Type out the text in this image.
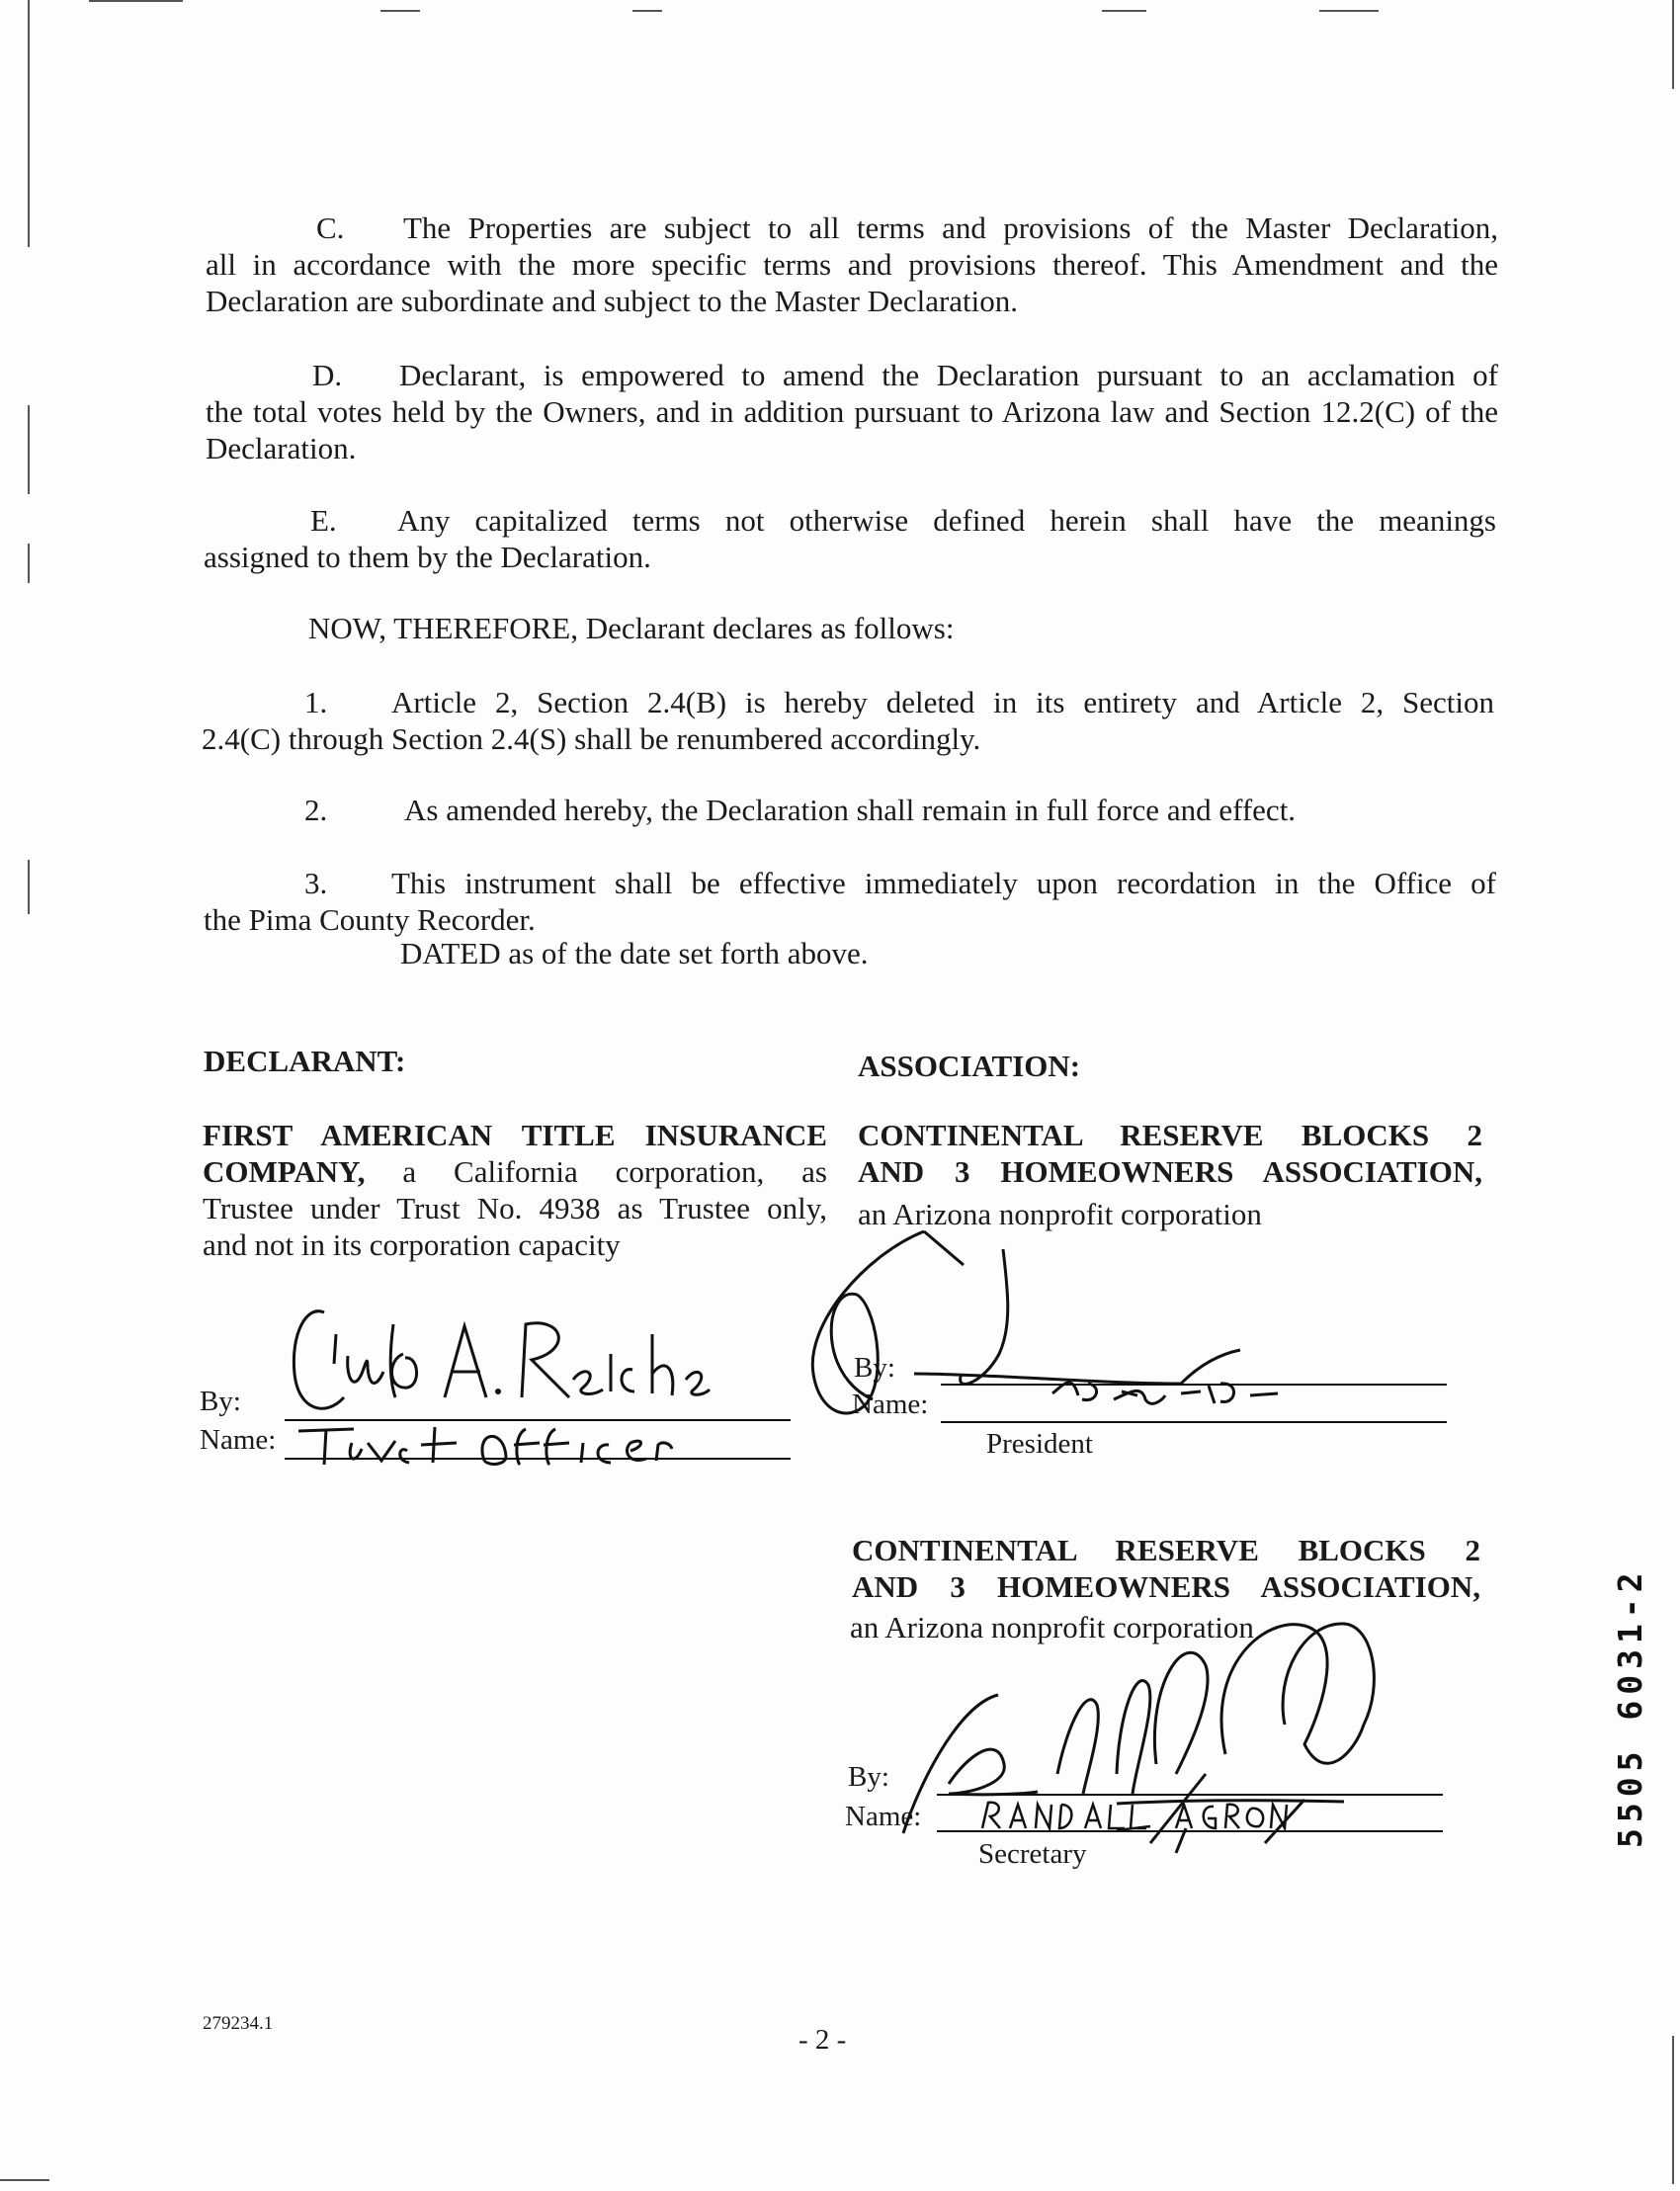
C. The Properties are subject to all terms and provisions of the Master Declaration,
all in accordance with the more specific terms and provisions thereof. This Amendment and the Declaration are subordinate and subject to the Master Declaration.
D. Declarant, is empowered to amend the Declaration pursuant to an acclamation of
the total votes held by the Owners, and in addition pursuant to Arizona law and Section 12.2(C) of the Declaration.
E. Any capitalized terms not otherwise defined herein shall have the meanings
assigned to them by the Declaration.
NOW, THEREFORE, Declarant declares as follows:
1. Article 2, Section 2.4(B) is hereby deleted in its entirety and Article 2, Section
2.4(C) through Section 2.4(S) shall be renumbered accordingly.
2.	As amended hereby, the Declaration shall remain in full force and effect.
3. This instrument shall be effective immediately upon recordation in the Office of
the Pima County Recorder.
DATED as of the date set forth above.
DECLARANT:	ASSOCIATION:
FIRST AMERICAN TITLE INSURANCE
COMPANY, a California corporation, as
Trustee under Trust No. 4938 as Trustee only,
and not in its corporation capacity
CONTINENTAL RESERVE BLOCKS 2
AND 3 HOMEOWNERS ASSOCIATION,
an Arizona nonprofit corporation
By:
Name:
By:
Name:
President
CONTINENTAL RESERVE BLOCKS 2
AND 3 HOMEOWNERS ASSOCIATION,
an Arizona nonprofit corporation
By:
Name:
Secretary
5505 6031-2
279234.1
- 2 -
